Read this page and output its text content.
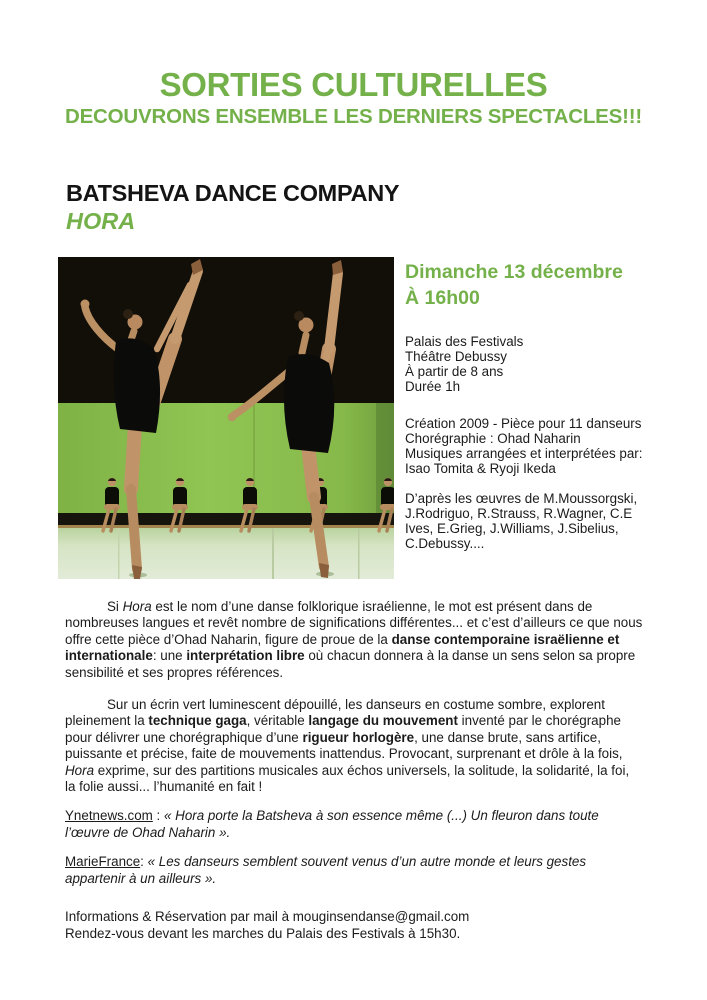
SORTIES CULTURELLES
DECOUVRONS ENSEMBLE LES DERNIERS SPECTACLES!!!
BATSHEVA DANCE COMPANY
HORA
Dimanche 13 décembre
À 16h00
Palais des Festivals
Théâtre Debussy
À partir de 8 ans
Durée 1h
Création 2009 - Pièce pour 11 danseurs
Chorégraphie : Ohad Naharin
Musiques arrangées et interprétées par:
Isao Tomita & Ryoji Ikeda
D’après les œuvres de M.Moussorgski, J.Rodriguo, R.Strauss, R.Wagner, C.E Ives, E.Grieg, J.Williams, J.Sibelius, C.Debussy....

Si Hora est le nom d’une danse folklorique israélienne, le mot est présent dans de nombreuses langues et revêt nombre de significations différentes... et c’est d’ailleurs ce que nous offre cette pièce d’Ohad Naharin, figure de proue de la danse contemporaine israëlienne et internationale: une interprétation libre où chacun donnera à la danse un sens selon sa propre sensibilité et ses propres références.

Sur un écrin vert luminescent dépouillé, les danseurs en costume sombre, explorent pleinement la technique gaga, véritable langage du mouvement inventé par le chorégraphe pour délivrer une chorégraphique d’une rigueur horlogère, une danse brute, sans artifice, puissante et précise, faite de mouvements inattendus. Provocant, surprenant et drôle à la fois, Hora exprime, sur des partitions musicales aux échos universels, la solitude, la solidarité, la foi, la folie aussi... l’humanité en fait !

Ynetnews.com : « Hora porte la Batsheva à son essence même (...) Un fleuron dans toute l’œuvre de Ohad Naharin ».

MarieFrance: « Les danseurs semblent souvent venus d’un autre monde et leurs gestes appartenir à un ailleurs ».

Informations & Réservation par mail à mouginsendanse@gmail.com
Rendez-vous devant les marches du Palais des Festivals à 15h30.
